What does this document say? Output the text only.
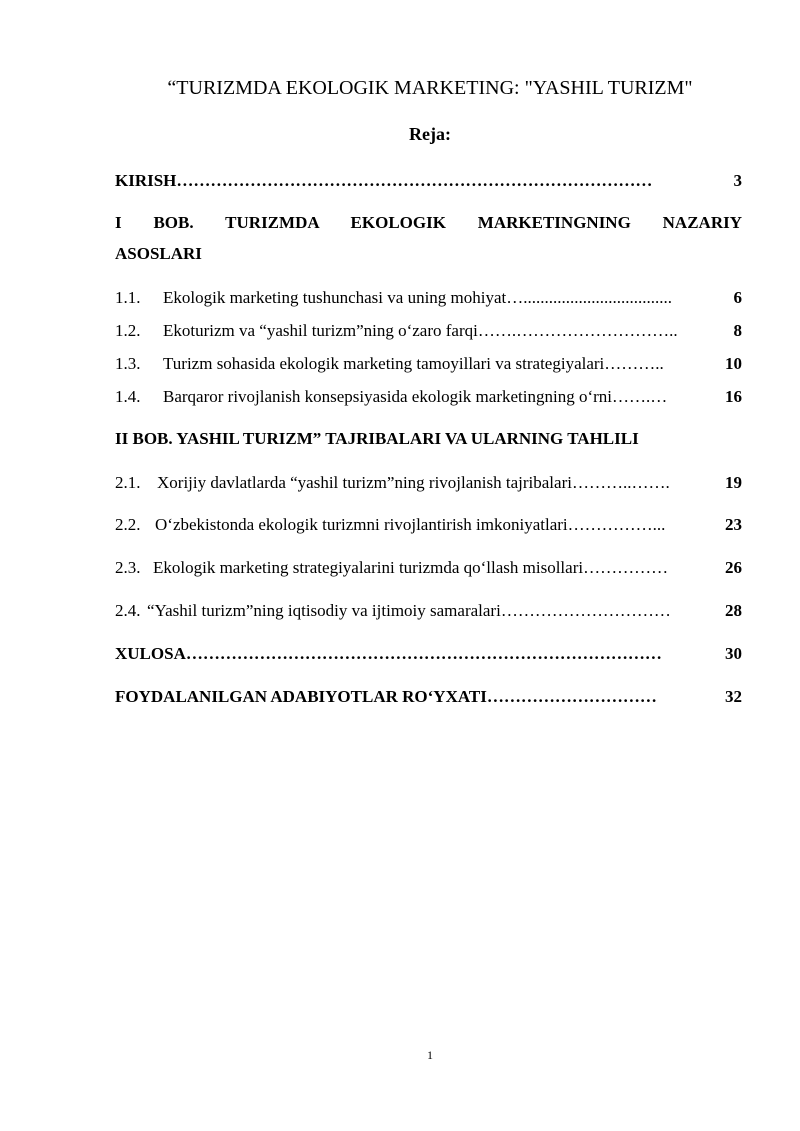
“TURIZMDA EKOLOGIK MARKETING: "YASHIL TURIZM"
Reja:
KIRISH …………………………………………………………………………	3
I BOB. TURIZMDA EKOLOGIK MARKETINGNING NAZARIY
ASOSLARI
1.1. Ekologik marketing tushunchasi va uning mohiyat …...................................	6
1.2. Ekoturizm va “yashil turizm”ning o‘zaro farqi …….………………………..	8
1.3. Turizm sohasida ekologik marketing tamoyillari va strategiyalari ………..	10
1.4. Barqaror rivojlanish konsepsiyasida ekologik marketingning o‘rni …….…	16
II BOB. YASHIL TURIZM” TAJRIBALARI VA ULARNING TAHLILI
2.1. Xorijiy davlatlarda “yashil turizm”ning rivojlanish tajribalari ………..…….	19
2.2. O‘zbekistonda ekologik turizmni rivojlantirish imkoniyatlari ……………...	23
2.3. Ekologik marketing strategiyalarini turizmda qo‘llash misollari ……………	26
2.4. “Yashil turizm”ning iqtisodiy va ijtimoiy samaralari …………………………	28
XULOSA …………………………………………………………………………	30
FOYDALANILGAN ADABIYOTLAR RO‘YXATI …………………………	32
1
